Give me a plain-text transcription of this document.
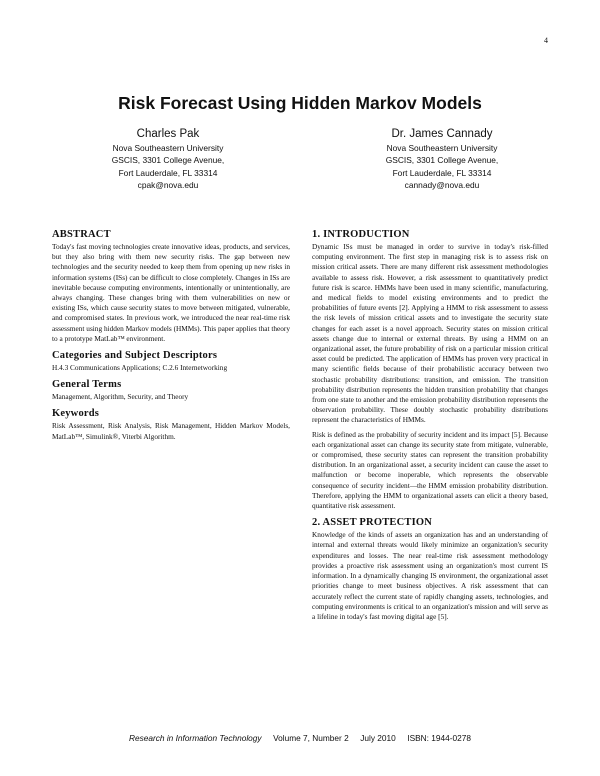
4
Risk Forecast Using Hidden Markov Models
Charles Pak
Nova Southeastern University
GSCIS, 3301 College Avenue,
Fort Lauderdale, FL 33314
cpak@nova.edu
Dr. James Cannady
Nova Southeastern University
GSCIS, 3301 College Avenue,
Fort Lauderdale, FL 33314
cannady@nova.edu
ABSTRACT

Today's fast moving technologies create innovative ideas, products, and services, but they also bring with them new security risks. The gap between new technologies and the security needed to keep them from opening up new risks in information systems (ISs) can be difficult to close completely. Changes in ISs are inevitable because computing environments, intentionally or unintentionally, are always changing. These changes bring with them vulnerabilities on new or existing ISs, which cause security states to move between mitigated, vulnerable, and compromised states. In previous work, we introduced the near real-time risk assessment using hidden Markov models (HMMs). This paper applies that theory to a prototype MatLab™ environment.

Categories and Subject Descriptors

H.4.3 Communications Applications; C.2.6 Internetworking

General Terms

Management, Algorithm, Security, and Theory

Keywords

Risk Assessment, Risk Analysis, Risk Management, Hidden Markov Models, MatLab™, Simulink®, Viterbi Algorithm.

1. INTRODUCTION

Dynamic ISs must be managed in order to survive in today's risk-filled computing environment. The first step in managing risk is to assess risk on mission critical assets. There are many different risk assessment methodologies available to assess risk. However, a risk assessment to quantitatively predict future risk is scarce. HMMs have been used in many scientific, manufacturing, and medical fields to model existing environments and to predict the probabilities of future events [2]. Applying a HMM to risk assessment to assess the risk levels of mission critical assets and to investigate the security state changes for each asset is a novel approach. Security states on mission critical assets change due to internal or external threats. By using a HMM on an organizational asset, the future probability of risk on a particular mission critical asset could be predicted. The application of HMMs has proven very practical in many scientific fields because of their probabilistic accuracy between two stochastic probability distributions: transition, and emission. The transition probability distribution represents the hidden transition probability that changes from one state to another and the emission probability distribution represents the observation probability. These doubly stochastic probability distributions represent the characteristics of HMMs.

Risk is defined as the probability of security incident and its impact [5]. Because each organizational asset can change its security state from mitigate, vulnerable, or compromised, these security states can represent the transition probability distribution. In an organizational asset, a security incident can cause the asset to malfunction or become inoperable, which represents the observable consequence of security incident—the HMM emission probability distribution. Therefore, applying the HMM to organizational assets can elicit a theory based, quantitative risk assessment.

2. ASSET PROTECTION

Knowledge of the kinds of assets an organization has and an understanding of internal and external threats would likely minimize an organization's security expenditures and losses. The near real-time risk assessment methodology provides a proactive risk assessment using an organization's most current IS information. In a dynamically changing IS environment, the organizational asset priorities change to meet business objectives. A risk assessment that can accurately reflect the current state of rapidly changing assets, technologies, and computing environments is critical to an organization's mission and will serve as a lifeline in today's fast moving digital age [5].

Research in Information Technology Volume 7, Number 2 July 2010 ISBN: 1944-0278
